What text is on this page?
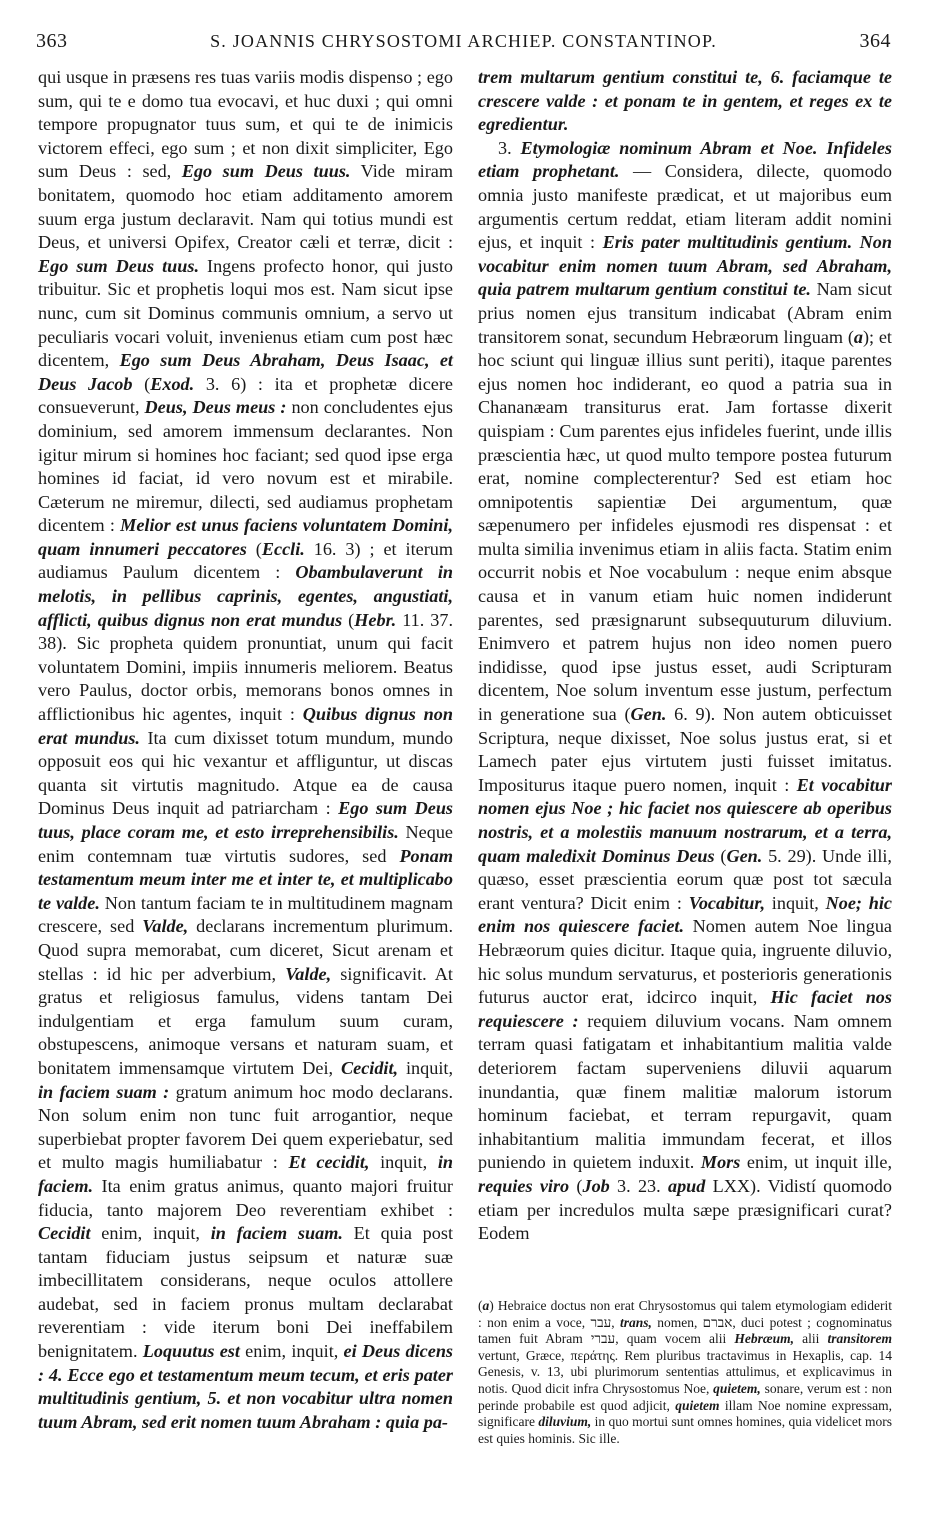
363	S. JOANNIS CHRYSOSTOMI ARCHIEP. CONSTANTINOP.	364

qui usque in præsens res tuas variis modis dispenso ; ego sum, qui te e domo tua evocavi, et huc duxi ; qui omni tempore propugnator tuus sum, et qui te de inimicis victorem effeci, ego sum ; et non dixit simpliciter, Ego sum Deus : sed, Ego sum Deus tuus. Vide miram bonitatem, quomodo hoc etiam additamento amorem suum erga justum declaravit. Nam qui totius mundi est Deus, et universi Opifex, Creator cæli et terræ, dicit : Ego sum Deus tuus. Ingens profecto honor, qui justo tribuitur. Sic et prophetis loqui mos est. Nam sicut ipse nunc, cum sit Dominus communis omnium, a servo ut peculiaris vocari voluit, invenienus etiam cum post hæc dicentem, Ego sum Deus Abraham, Deus Isaac, et Deus Jacob (Exod. 3. 6) : ita et prophetæ dicere consueverunt, Deus, Deus meus : non concludentes ejus dominium, sed amorem immensum declarantes. Non igitur mirum si homines hoc faciant; sed quod ipse erga homines id faciat, id vero novum est et mirabile. Cæterum ne miremur, dilecti, sed audiamus prophetam dicentem : Melior est unus faciens voluntatem Domini, quam innumeri peccatores (Eccli. 16. 3) ; et iterum audiamus Paulum dicentem : Obambulaverunt in melotis, in pellibus caprinis, egentes, angustiati, afflicti, quibus dignus non erat mundus (Hebr. 11. 37. 38). Sic propheta quidem pronuntiat, unum qui facit voluntatem Domini, impiis innumeris meliorem. Beatus vero Paulus, doctor orbis, memorans bonos omnes in afflictionibus hic agentes, inquit : Quibus dignus non erat mundus. Ita cum dixisset totum mundum, mundo opposuit eos qui hic vexantur et affliguntur, ut discas quanta sit virtutis magnitudo. Atque ea de causa Dominus Deus inquit ad patriarcham : Ego sum Deus tuus, place coram me, et esto irreprehensibilis. Neque enim contemnam tuæ virtutis sudores, sed Ponam testamentum meum inter me et inter te, et multiplicabo te valde. Non tantum faciam te in multitudinem magnam crescere, sed Valde, declarans incrementum plurimum. Quod supra memorabat, cum diceret, Sicut arenam et stellas : id hic per adverbium, Valde, significavit. At gratus et religiosus famulus, videns tantam Dei indulgentiam et erga famulum suum curam, obstupescens, animoque versans et naturam suam, et bonitatem immensamque virtutem Dei, Cecidit, inquit, in faciem suam : gratum animum hoc modo declarans. Non solum enim non tunc fuit arrogantior, neque superbiebat propter favorem Dei quem experiebatur, sed et multo magis humiliabatur : Et cecidit, inquit, in faciem. Ita enim gratus animus, quanto majori fruitur fiducia, tanto majorem Deo reverentiam exhibet : Cecidit enim, inquit, in faciem suam. Et quia post tantam fiduciam justus seipsum et naturæ suæ imbecillitatem considerans, neque oculos attollere audebat, sed in faciem pronus multam declarabat reverentiam : vide iterum boni Dei ineffabilem benignitatem. Loquutus est enim, inquit, ei Deus dicens : 4. Ecce ego et testamentum meum tecum, et eris pater multitudinis gentium, 5. et non vocabitur ultra nomen tuum Abram, sed erit nomen tuum Abraham : quia pa-

trem multarum gentium constitui te, 6. faciamque te crescere valde : et ponam te in gentem, et reges ex te egredientur.

3. Etymologiæ nominum Abram et Noe. Infideles etiam prophetant. — Considera, dilecte, quomodo omnia justo manifeste prædicat, et ut majoribus eum argumentis certum reddat, etiam literam addit nomini ejus, et inquit : Eris pater multitudinis gentium. Non vocabitur enim nomen tuum Abram, sed Abraham, quia patrem multarum gentium constitui te. Nam sicut prius nomen ejus transitum indicabat (Abram enim transitorem sonat, secundum Hebræorum linguam (a); et hoc sciunt qui linguæ illius sunt periti), itaque parentes ejus nomen hoc indiderant, eo quod a patria sua in Chananæam transiturus erat. Jam fortasse dixerit quispiam : Cum parentes ejus infideles fuerint, unde illis præscientia hæc, ut quod multo tempore postea futurum erat, nomine complecterentur? Sed est etiam hoc omnipotentis sapientiæ Dei argumentum, quæ sæpenumero per infideles ejusmodi res dispensat : et multa similia invenimus etiam in aliis facta. Statim enim occurrit nobis et Noe vocabulum : neque enim absque causa et in vanum etiam huic nomen indiderunt parentes, sed præsignarunt subsequuturum diluvium. Enimvero et patrem hujus non ideo nomen puero indidisse, quod ipse justus esset, audi Scripturam dicentem, Noe solum inventum esse justum, perfectum in generatione sua (Gen. 6. 9). Non autem obticuisset Scriptura, neque dixisset, Noe solus justus erat, si et Lamech pater ejus virtutem justi fuisset imitatus. Impositurus itaque puero nomen, inquit : Et vocabitur nomen ejus Noe ; hic faciet nos quiescere ab operibus nostris, et a molestiis manuum nostrarum, et a terra, quam maledixit Dominus Deus (Gen. 5. 29). Unde illi, quæso, esset præscientia eorum quæ post tot sæcula erant ventura? Dicit enim : Vocabitur, inquit, Noe; hic enim nos quiescere faciet. Nomen autem Noe lingua Hebræorum quies dicitur. Itaque quia, ingruente diluvio, hic solus mundum servaturus, et posterioris generationis futurus auctor erat, idcirco inquit, Hic faciet nos requiescere : requiem diluvium vocans. Nam omnem terram quasi fatigatam et inhabitantium malitia valde deteriorem factam superveniens diluvii aquarum inundantia, quæ finem malitiæ malorum istorum hominum faciebat, et terram repurgavit, quam inhabitantium malitia immundam fecerat, et illos puniendo in quietem induxit. Mors enim, ut inquit ille, requies viro (Job 3. 23. apud LXX). Vidistí quomodo etiam per incredulos multa sæpe præsignificari curat? Eodem

(a) Hebraice doctus non erat Chrysostomus qui talem etymologiam ediderit : non enim a voce, עבר, trans, nomen, אברם, duci potest ; cognominatus tamen fuit Abram עברי, quam vocem alii Hebræum, alii transitorem vertunt, Græce, περάτης. Rem pluribus tractavimus in Hexaplis, cap. 14 Genesis, v. 13, ubi plurimorum sententias attulimus, et explicavimus in notis. Quod dicit infra Chrysostomus Noe, quietem, sonare, verum est : non perinde probabile est quod adjicit, quietem illam Noe nomine expressam, significare diluvium, in quo mortui sunt omnes homines, quia videlicet mors est quies hominis. Sic ille.
